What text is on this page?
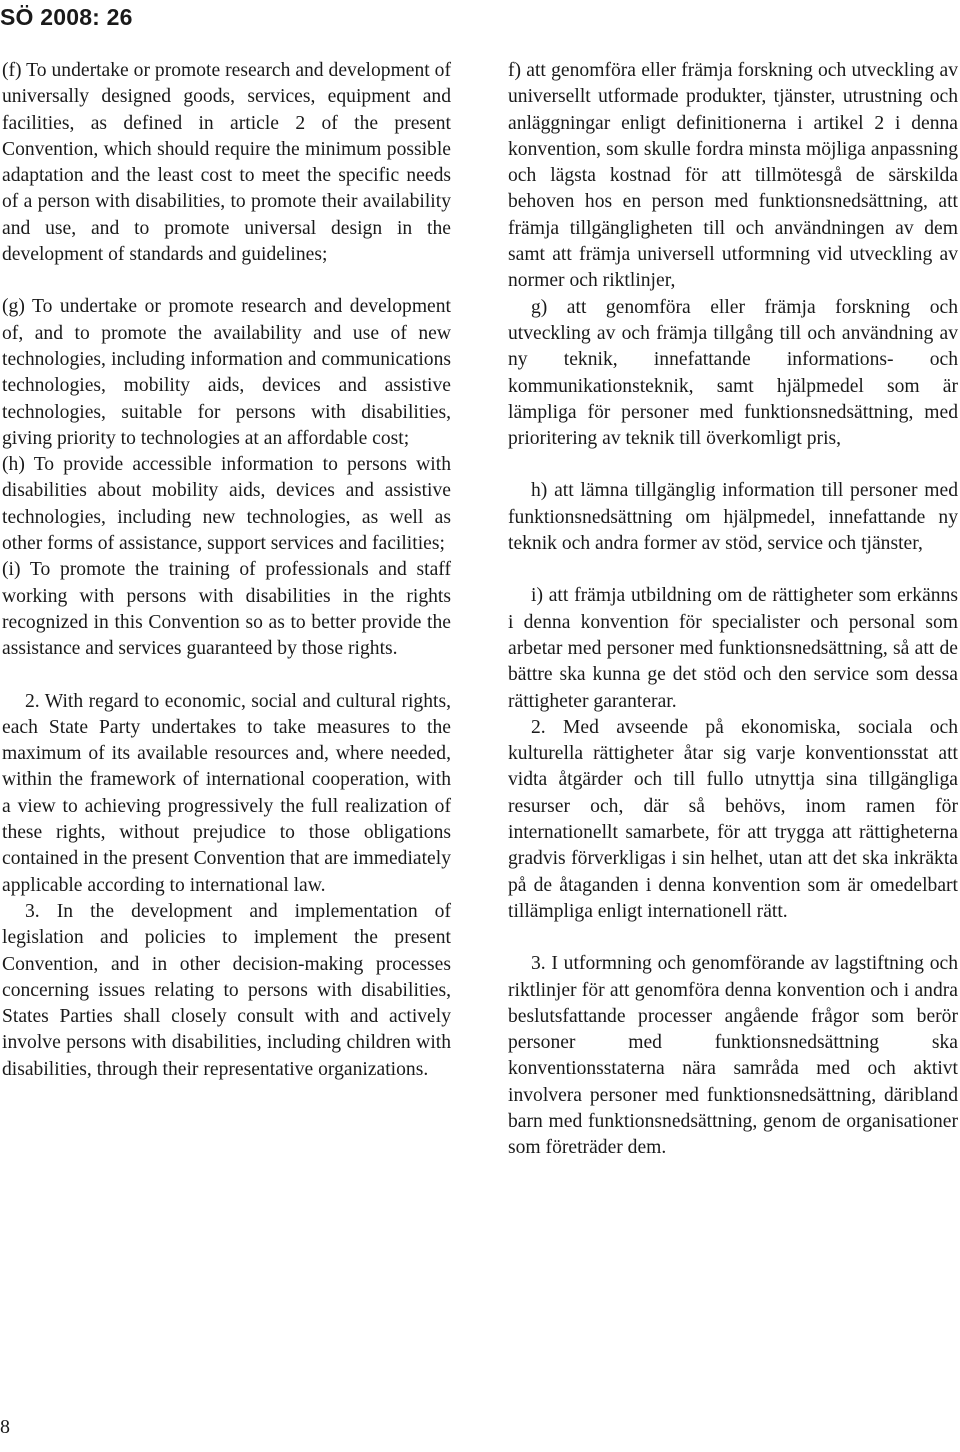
SÖ 2008: 26

(f) To undertake or promote research and development of universally designed goods, services, equipment and facilities, as defined in article 2 of the present Convention, which should require the minimum possible adaptation and the least cost to meet the specific needs of a person with disabilities, to promote their availability and use, and to promote universal design in the development of standards and guidelines;

(g) To undertake or promote research and development of, and to promote the availability and use of new technologies, including information and communications technologies, mobility aids, devices and assistive technologies, suitable for persons with disabilities, giving priority to technologies at an affordable cost;

(h) To provide accessible information to persons with disabilities about mobility aids, devices and assistive technologies, including new technologies, as well as other forms of assistance, support services and facilities;

(i) To promote the training of professionals and staff working with persons with disabilities in the rights recognized in this Convention so as to better provide the assistance and services guaranteed by those rights.

2. With regard to economic, social and cultural rights, each State Party undertakes to take measures to the maximum of its available resources and, where needed, within the framework of international cooperation, with a view to achieving progressively the full realization of these rights, without prejudice to those obligations contained in the present Convention that are immediately applicable according to international law.

3. In the development and implementation of legislation and policies to implement the present Convention, and in other decision-making processes concerning issues relating to persons with disabilities, States Parties shall closely consult with and actively involve persons with disabilities, including children with disabilities, through their representative organizations.

f) att genomföra eller främja forskning och utveckling av universellt utformade produkter, tjänster, utrustning och anläggningar enligt definitionerna i artikel 2 i denna konvention, som skulle fordra minsta möjliga anpassning och lägsta kostnad för att tillmötesgå de särskilda behoven hos en person med funktionsnedsättning, att främja tillgängligheten till och användningen av dem samt att främja universell utformning vid utveckling av normer och riktlinjer,

g) att genomföra eller främja forskning och utveckling av och främja tillgång till och användning av ny teknik, innefattande informations- och kommunikationsteknik, samt hjälpmedel som är lämpliga för personer med funktionsnedsättning, med prioritering av teknik till överkomligt pris,

h) att lämna tillgänglig information till personer med funktionsnedsättning om hjälpmedel, innefattande ny teknik och andra former av stöd, service och tjänster,

i) att främja utbildning om de rättigheter som erkänns i denna konvention för specialister och personal som arbetar med personer med funktionsnedsättning, så att de bättre ska kunna ge det stöd och den service som dessa rättigheter garanterar.

2. Med avseende på ekonomiska, sociala och kulturella rättigheter åtar sig varje konventionsstat att vidta åtgärder och till fullo utnyttja sina tillgängliga resurser och, där så behövs, inom ramen för internationellt samarbete, för att trygga att rättigheterna gradvis förverkligas i sin helhet, utan att det ska inkräkta på de åtaganden i denna konvention som är omedelbart tillämpliga enligt internationell rätt.

3. I utformning och genomförande av lagstiftning och riktlinjer för att genomföra denna konvention och i andra beslutsfattande processer angående frågor som berör personer med funktionsnedsättning ska konventionsstaterna nära samråda med och aktivt involvera personer med funktionsnedsättning, däribland barn med funktionsnedsättning, genom de organisationer som företräder dem.

8
